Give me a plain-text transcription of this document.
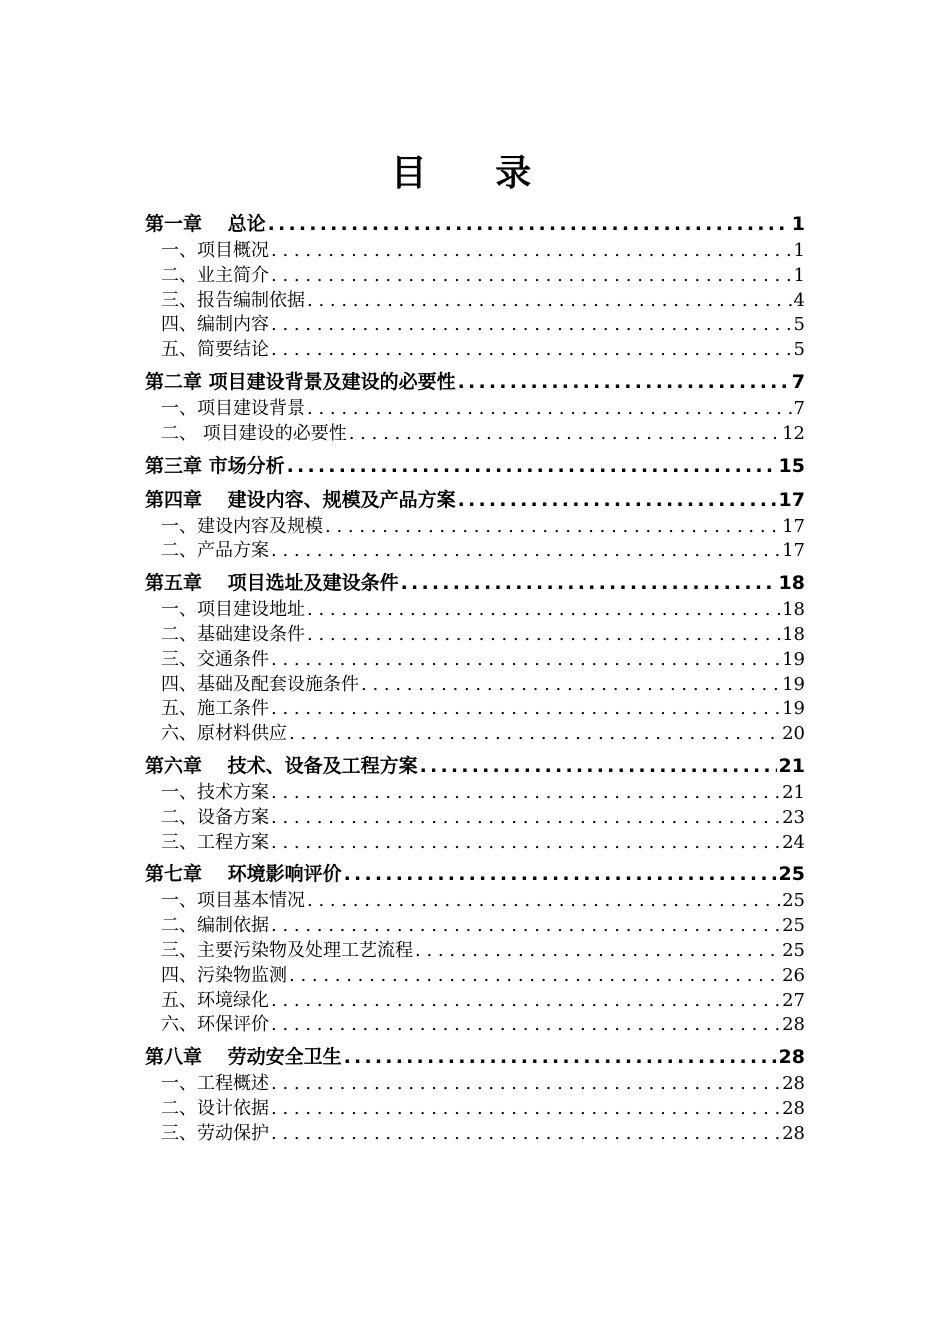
目 录
第一章　 总论 .....	1
一、项目概况 . . .	1
二、业主简介 . . .	1
三、报告编制依据 . . .	4
四、编制内容 . . .	5
五、简要结论 . . .	5
第二章 项目建设背景及建设的必要性 .....	7
一、项目建设背景 . . .	7
二、 项目建设的必要性 . . .	12
第三章 市场分析 .....	15
第四章　 建设内容、规模及产品方案 .....	17
一、建设内容及规模 . . .	17
二、产品方案 . . .	17
第五章　 项目选址及建设条件 .....	18
一、项目建设地址 . . .	18
二、基础建设条件 . . .	18
三、交通条件 . . .	19
四、基础及配套设施条件 . . .	19
五、施工条件 . . .	19
六、原材料供应 . . .	20
第六章　 技术、设备及工程方案 .....	21
一、技术方案 . . .	21
二、设备方案 . . .	23
三、工程方案 . . .	24
第七章　 环境影响评价 .....	25
一、项目基本情况 . . .	25
二、编制依据 . . .	25
三、主要污染物及处理工艺流程 . . .	25
四、污染物监测 . . .	26
五、环境绿化 . . .	27
六、环保评价 . . .	28
第八章　 劳动安全卫生 .....	28
一、工程概述 . . .	28
二、设计依据 . . .	28
三、劳动保护 . . .	28
